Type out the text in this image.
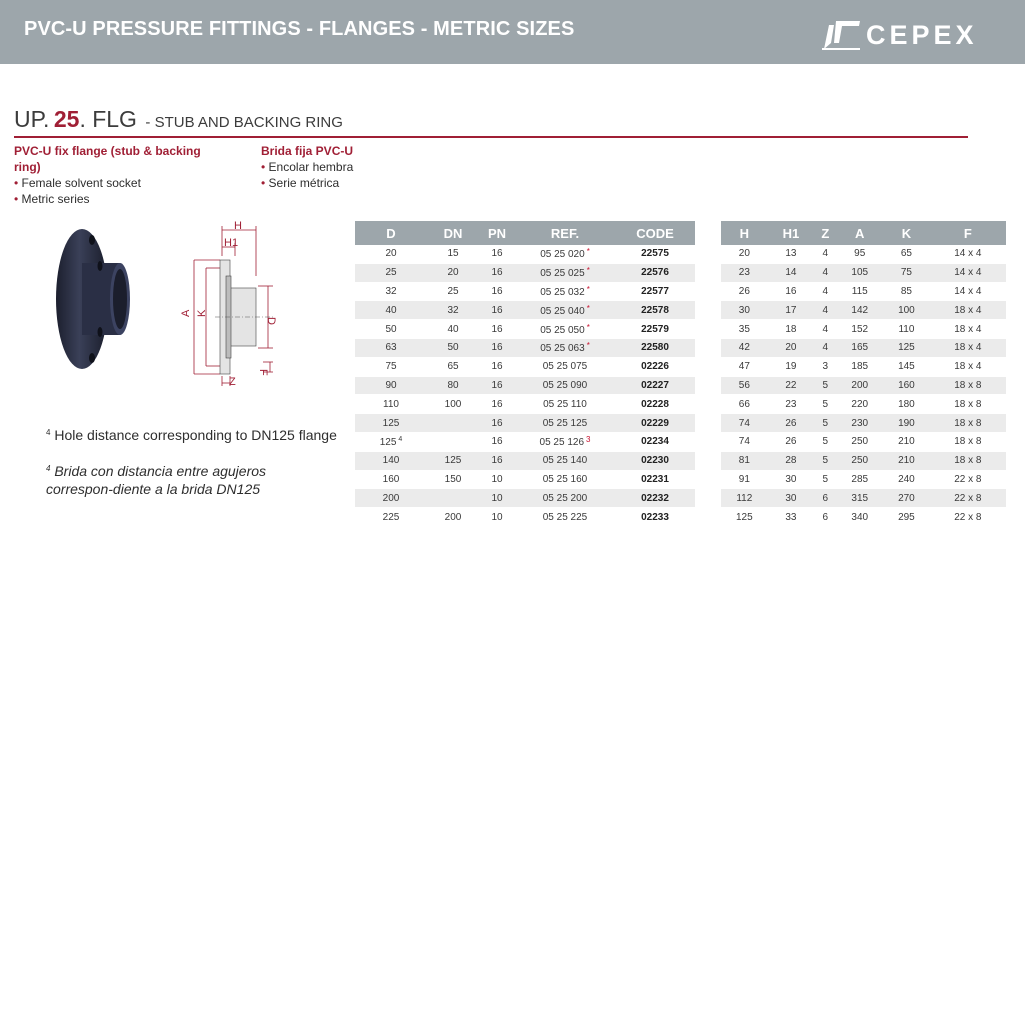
PVC-U PRESSURE FITTINGS - FLANGES - METRIC SIZES	CEPEX
UP. 25. FLG - STUB AND BACKING RING
PVC-U fix flange (stub & backing ring)
• Female solvent socket
• Metric series
Brida fija PVC-U
• Encolar hembra
• Serie métrica
H
H1
A K
D
F
Z
$^4$ Hole distance corresponding to DN125 flange
$^4$ Brida con distancia entre agujeros correspon-diente a la brida DN125
D	DN	PN	REF.	CODE
20	15	16	05 25 020 *	22575
25	20	16	05 25 025 *	22576
32	25	16	05 25 032 *	22577
40	32	16	05 25 040 *	22578
50	40	16	05 25 050 *	22579
63	50	16	05 25 063 *	22580
75	65	16	05 25 075	02226
90	80	16	05 25 090	02227
110	100	16	05 25 110	02228
125		16	05 25 125	02229
125 $^4$		16	05 25 126 $^3$	02234
140	125	16	05 25 140	02230
160	150	10	05 25 160	02231
200		10	05 25 200	02232
225	200	10	05 25 225	02233
H	H1	Z	A	K	F
20	13	4	95	65	14 x 4
23	14	4	105	75	14 x 4
26	16	4	115	85	14 x 4
30	17	4	142	100	18 x 4
35	18	4	152	110	18 x 4
42	20	4	165	125	18 x 4
47	19	3	185	145	18 x 4
56	22	5	200	160	18 x 8
66	23	5	220	180	18 x 8
74	26	5	230	190	18 x 8
74	26	5	250	210	18 x 8
81	28	5	250	210	18 x 8
91	30	5	285	240	22 x 8
112	30	6	315	270	22 x 8
125	33	6	340	295	22 x 8
